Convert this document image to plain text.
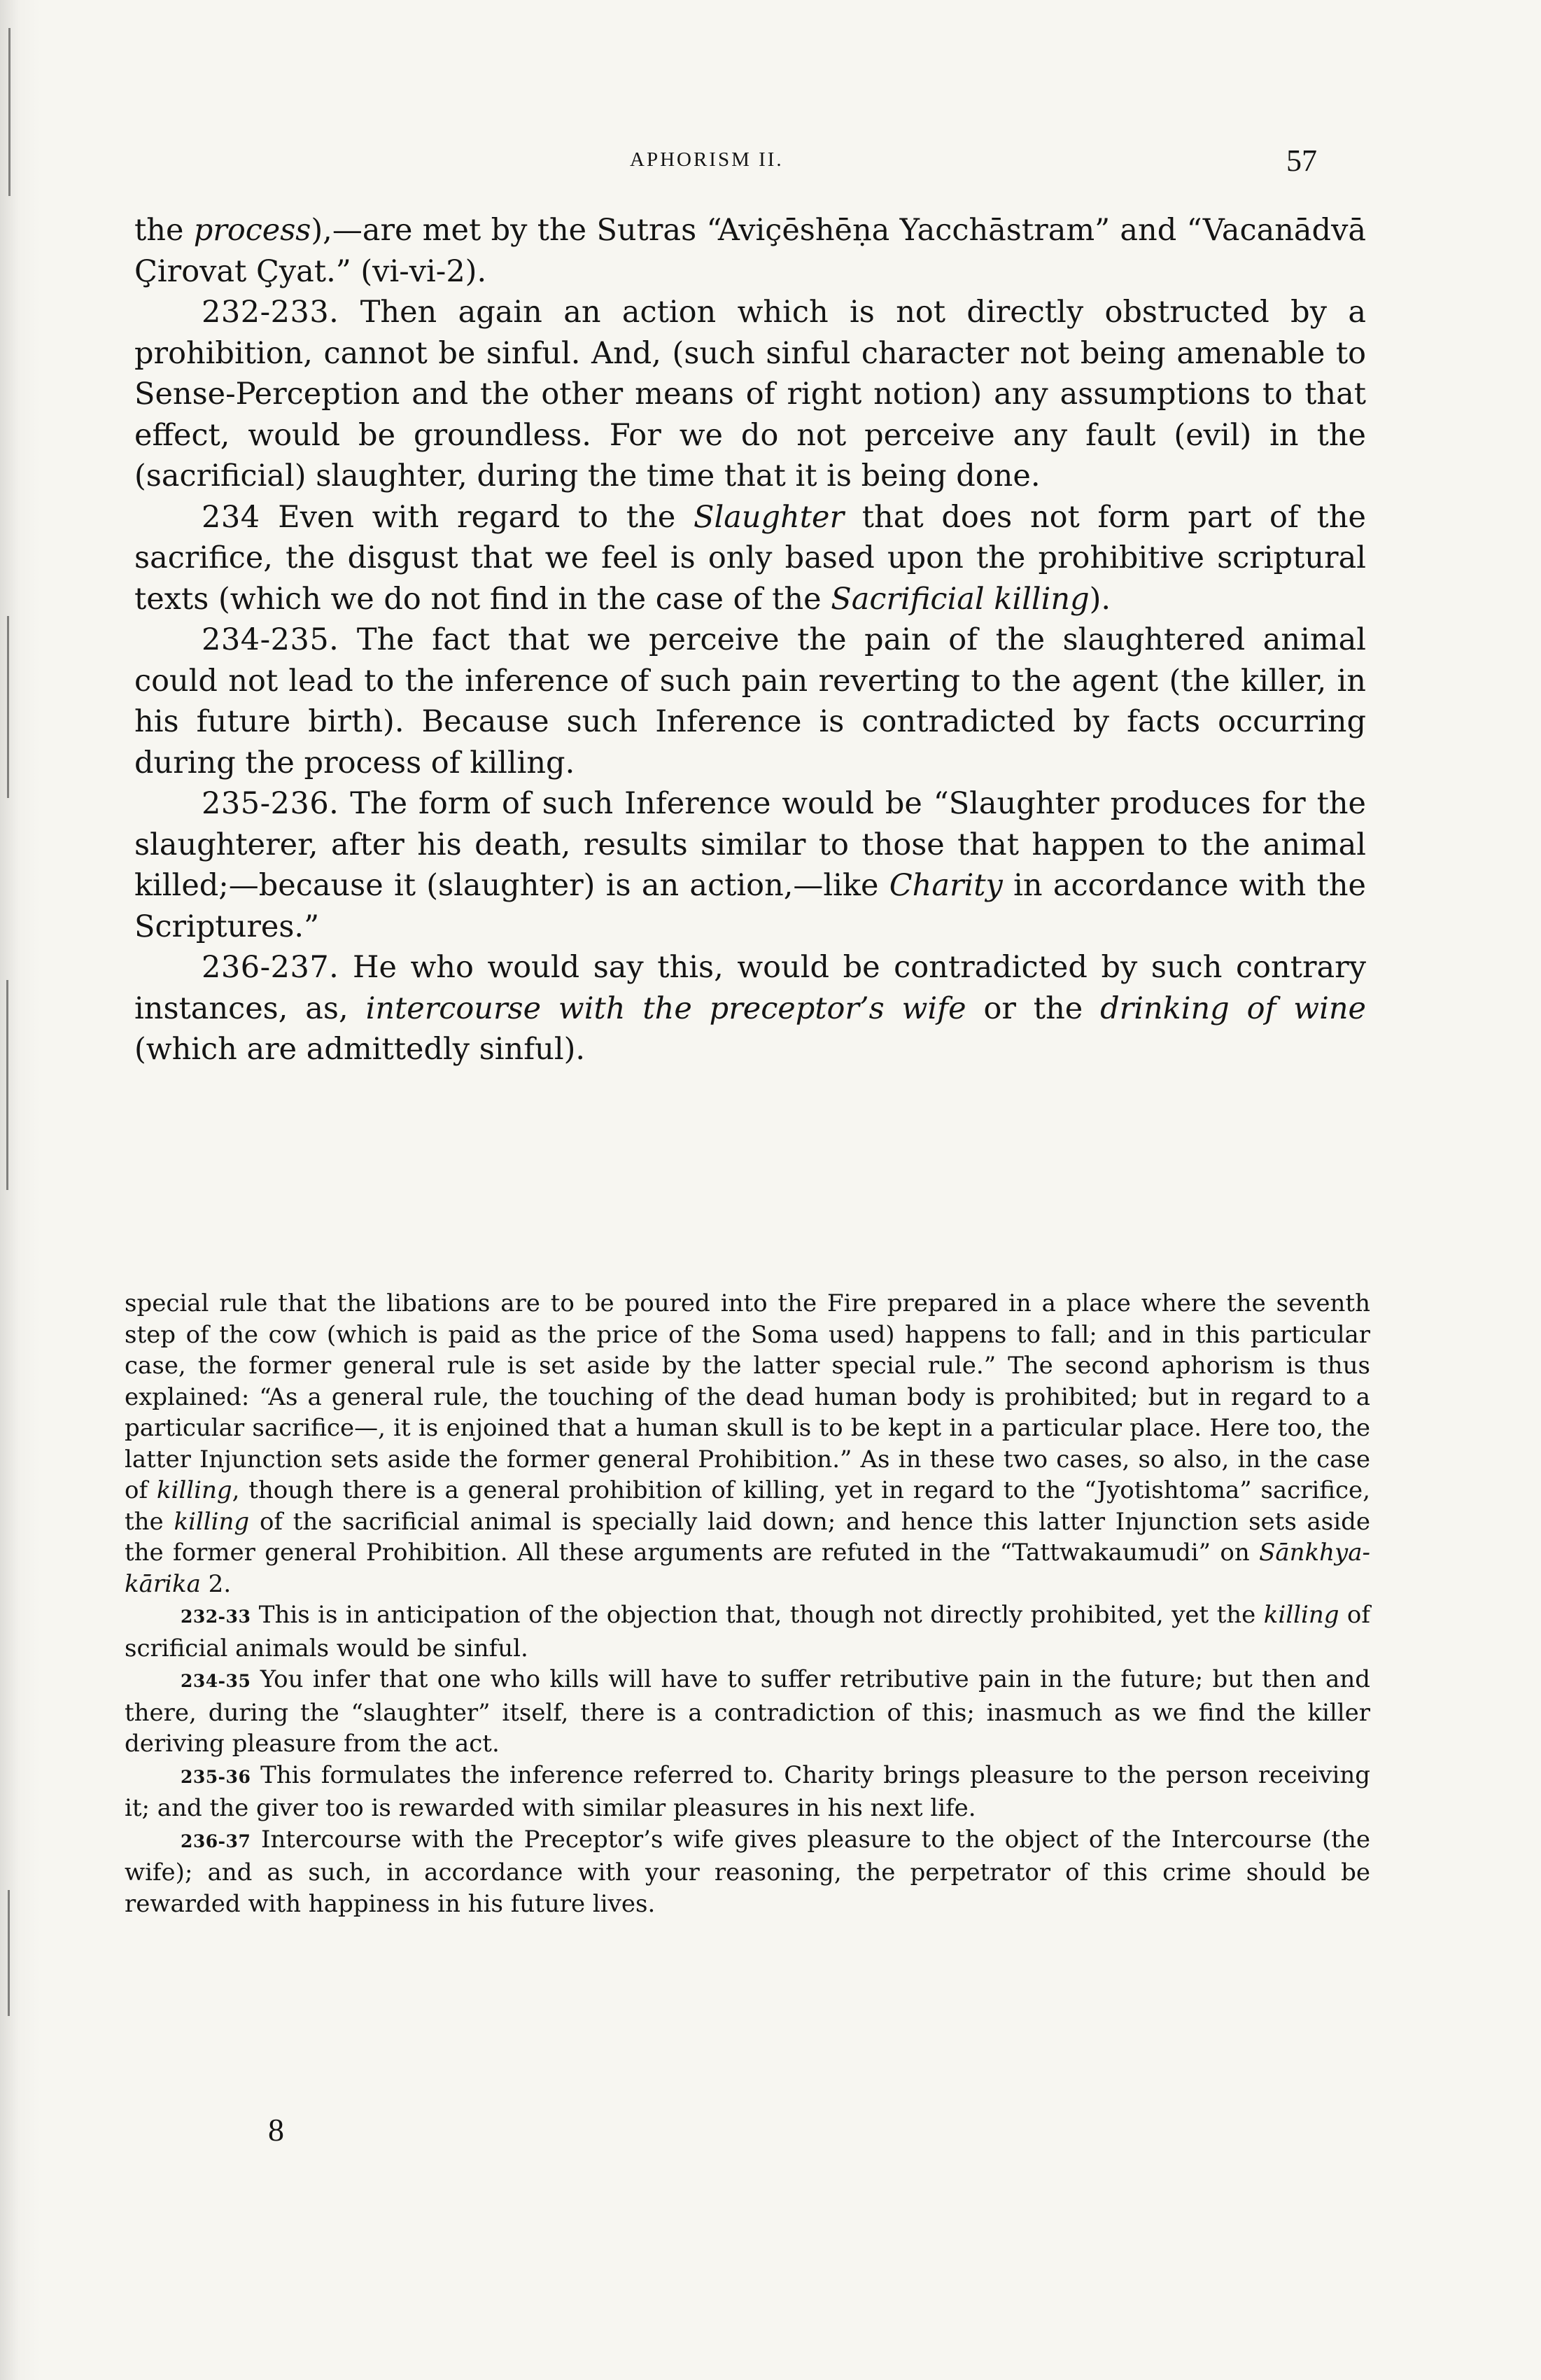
APHORISM II.	57

the process),—are met by the Sutras “Aviçēshēṇa Yacchāstram” and “Vacanādvā Çirovat Çyat.” (vi-vi-2).

232-233. Then again an action which is not directly obstructed by a prohibition, cannot be sinful. And, (such sinful character not being amenable to Sense-Perception and the other means of right notion) any assumptions to that effect, would be groundless. For we do not perceive any fault (evil) in the (sacrificial) slaughter, during the time that it is being done.

234 Even with regard to the Slaughter that does not form part of the sacrifice, the disgust that we feel is only based upon the prohibitive scriptural texts (which we do not find in the case of the Sacrificial killing).

234-235. The fact that we perceive the pain of the slaughtered animal could not lead to the inference of such pain reverting to the agent (the killer, in his future birth). Because such Inference is contradicted by facts occurring during the process of killing.

235-236. The form of such Inference would be “Slaughter produces for the slaughterer, after his death, results similar to those that happen to the animal killed;—because it (slaughter) is an action,—like Charity in accordance with the Scriptures.”

236-237. He who would say this, would be contradicted by such contrary instances, as, intercourse with the preceptor’s wife or the drinking of wine (which are admittedly sinful).

special rule that the libations are to be poured into the Fire prepared in a place where the seventh step of the cow (which is paid as the price of the Soma used) happens to fall; and in this particular case, the former general rule is set aside by the latter special rule.” The second aphorism is thus explained: “As a general rule, the touching of the dead human body is prohibited; but in regard to a particular sacrifice—, it is enjoined that a human skull is to be kept in a particular place. Here too, the latter Injunction sets aside the former general Prohibition.” As in these two cases, so also, in the case of killing, though there is a general prohibition of killing, yet in regard to the “Jyotishtoma” sacrifice, the killing of the sacrificial animal is specially laid down; and hence this latter Injunction sets aside the former general Prohibition. All these arguments are refuted in the “Tattwakaumudi” on Sānkhya-kārika 2.

232-33 This is in anticipation of the objection that, though not directly prohibited, yet the killing of scrificial animals would be sinful.

234-35 You infer that one who kills will have to suffer retributive pain in the future; but then and there, during the “slaughter” itself, there is a contradiction of this; inasmuch as we find the killer deriving pleasure from the act.

235-36 This formulates the inference referred to. Charity brings pleasure to the person receiving it; and the giver too is rewarded with similar pleasures in his next life.

236-37 Intercourse with the Preceptor’s wife gives pleasure to the object of the Intercourse (the wife); and as such, in accordance with your reasoning, the perpetrator of this crime should be rewarded with happiness in his future lives.

8
